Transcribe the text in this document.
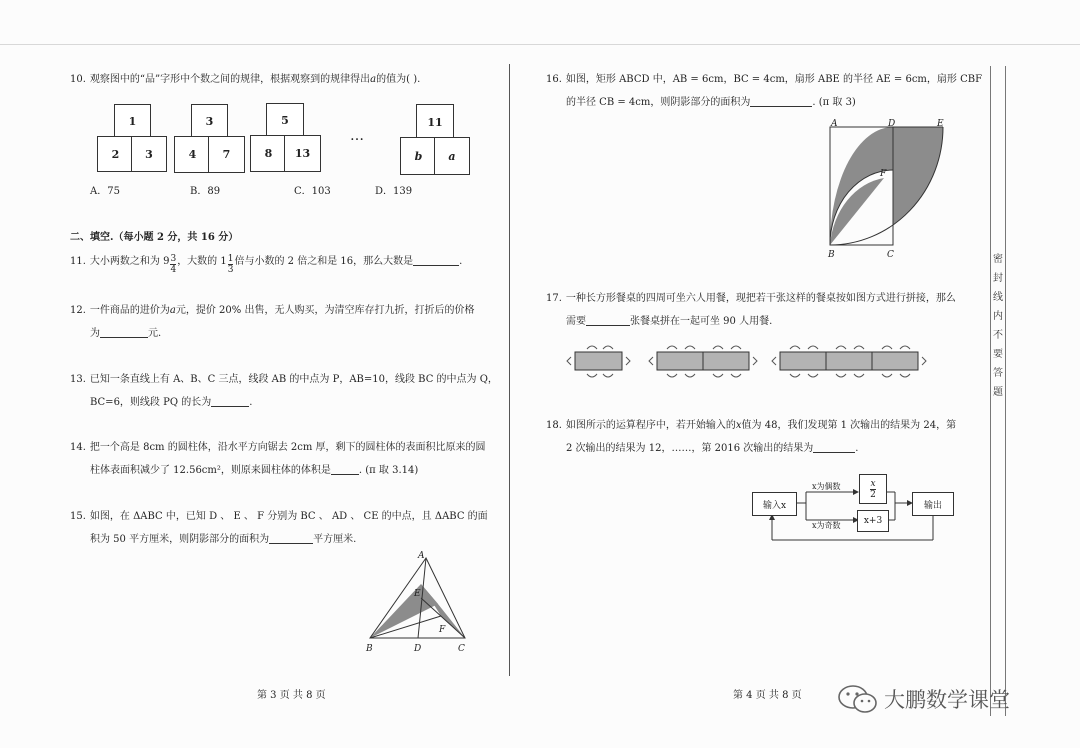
密封线内不要答题
10. 观察图中的“品”字形中个数之间的规律，根据观察到的规律得出a的值为( ).
1
2	3
3
4	7
5
8	13
…
11
b	a
A．75	B．89	C．103	D．139
二、填空.（每小题 2 分，共 16 分）
11. 大小两数之和为 $9 \frac{3}{4}$ ，大数的 $1 \frac{1}{3}$ 倍与小数的 2 倍之和是 16，那么大数是	.
12. 一件商品的进价为a元，提价 20% 出售，无人购买，为清空库存打九折，打折后的价格
为	元.
13. 已知一条直线上有 A、B、C 三点，线段 AB 的中点为 P，AB=10，线段 BC 的中点为 Q，
BC=6，则线段 PQ 的长为	.
14. 把一个高是 8cm 的圆柱体，沿水平方向锯去 2cm 厚，剩下的圆柱体的表面积比原来的圆
柱体表面积减少了 12.56cm²，则原来圆柱体的体积是	. (π 取 3.14)
15. 如图，在 ΔABC 中，已知 D 、 E 、 F 分别为 BC 、 AD 、 CE 的中点，且 ΔABC 的面
积为 50 平方厘米，则阴影部分的面积为	平方厘米.
A
B	C
D
E
F
第 3 页 共 8 页
16. 如图，矩形 ABCD 中，AB = 6cm，BC = 4cm，扇形 ABE 的半径 AE = 6cm，扇形 CBF
的半径 CB = 4cm，则阴影部分的面积为	. (π 取 3)
A	D	E
F
B	C
17. 一种长方形餐桌的四周可坐六人用餐，现把若干张这样的餐桌按如图方式进行拼接，那么
需要	张餐桌拼在一起可坐 90 人用餐.
18. 如图所示的运算程序中，若开始输入的x值为 48，我们发现第 1 次输出的结果为 24，第
2 次输出的结果为 12，……，第 2016 次输出的结果为	.
输入x
x为偶数
x为奇数
$\frac{x}{2}$
x+3
输出
第 4 页 共 8 页	大鹏数学课堂
